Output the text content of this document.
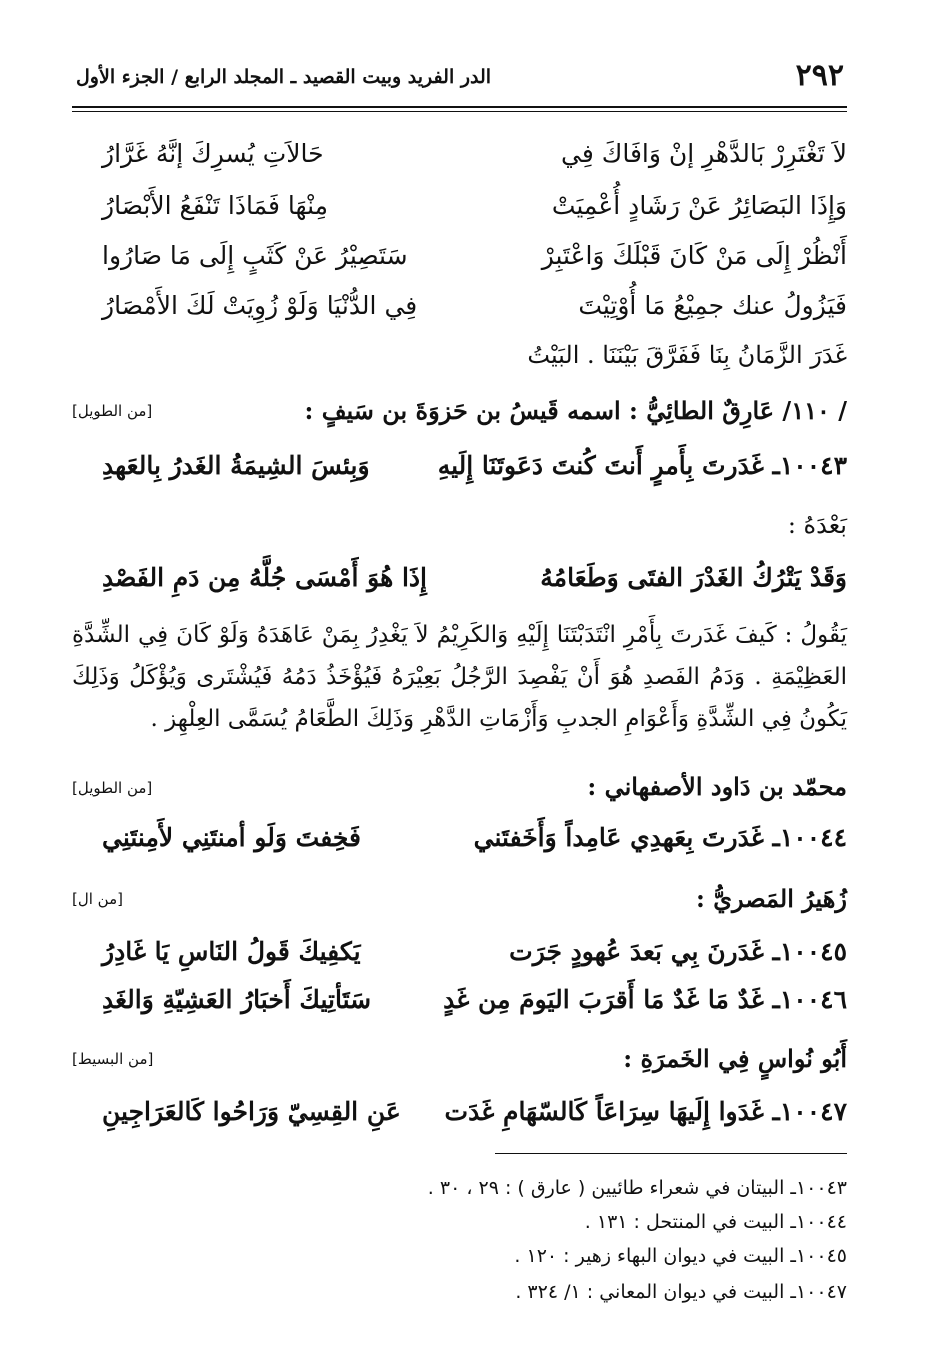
٢٩٢
الدر الفريد وبيت القصيد ـ المجلد الرابع / الجزء الأول
لاَ تَغْتَرِرْ بَالدَّهْرِ إنْ وَافَاكَ فِي
حَالاَتِ يُسرِكَ إنَّهُ غَرَّارُ
وَإِذَا البَصَائِرُ عَنْ رَشَادٍ أُعْمِيَتْ
مِنْهَا فَمَاذَا تَنْفَعُ الأَبْصَارُ
أَنْظُرْ إِلَى مَنْ كَانَ قَبْلَكَ وَاعْتَبِرْ
سَتَصِيْرُ عَنْ كَثَبٍ إِلَى مَا صَارُوا
فَيَزُولُ عنك جمِيْعُ مَا أُوْتِيْتَ
فِي الدُّنْيَا وَلَوْ زُوِيَتْ لَكَ الأَمْصَارُ
غَدَرَ الزَّمَانُ بِنَا فَفَرَّقَ بَيْنَنَا . البَيْتُ
/ ١١٠/ عَارِقٌ الطائِيُّ : اسمه قَيسُ بن حَزوَةَ بن سَيفٍ :
[من الطويل]
١٠٠٤٣ـ غَدَرتَ بِأَمرٍ أَنتَ كُنتَ دَعَوتَنَا إِلَيهِ
وَبِئسَ الشِيمَةُ الغَدرُ بِالعَهدِ
بَعْدَهُ :
وَقَدْ يَتْرُكُ الغَدْرَ الفتَى وَطَعَامُهُ
إِذَا هُوَ أَمْسَى جُلَّهُ مِن دَمِ الفَصْدِ
يَقُولُ : كَيفَ غَدَرتَ بِأَمْرِ انْتَدَبْتَنَا إِلَيْهِ وَالكَرِيْمُ لاَ يَغْدِرُ بِمَنْ عَاهَدَهُ وَلَوْ كَانَ فِي الشِّدَّةِ العَظِيْمَةِ . وَدَمُ الفَصدِ هُوَ أَنْ يَفْصِدَ الرَّجُلُ بَعِيْرَهُ فَيُؤْخَذُ دَمُهُ فَيُشْتَرى وَيُؤْكَلُ وَذَلِكَ يَكُونُ فِي الشِّدَّةِ وَأَعْوَامِ الجدبِ وَأَزْمَاتِ الدَّهْرِ وَذَلِكَ الطَّعَامُ يُسَمَّى العِلْهِز .
محمّد بن دَاود الأصفهاني :
[من الطويل]
١٠٠٤٤ـ غَدَرتَ بِعَهدِي عَامِداً وَأَخَفتَني
فَخِفتَ وَلَو أمنتَنِي لأَمِنتَنِي
زُهَيرُ المَصريُّ :
[من ال]
١٠٠٤٥ـ غَدَرنَ بِي بَعدَ عُهودٍ جَرَت
يَكفِيكَ قَولُ النَاسِ يَا غَادِرُ
١٠٠٤٦ـ غَدٌ مَا غَدٌ مَا أَقرَبَ اليَومَ مِن غَدٍ
سَتَأتِيكَ أَخبَارُ العَشِيّةِ وَالغَدِ
أَبُو نُواسٍ فِي الخَمرَةِ :
[من البسيط]
١٠٠٤٧ـ غَدَوا إِلَيهَا سِرَاعَاً كَالسّهَامِ غَدَت
عَنِ القِسِيّ وَرَاحُوا كَالعَرَاجِينِ
١٠٠٤٣ـ البيتان في شعراء طائيين ( عارق ) : ٢٩ ، ٣٠ .
١٠٠٤٤ـ البيت في المنتحل : ١٣١ .
١٠٠٤٥ـ البيت في ديوان البهاء زهير : ١٢٠ .
١٠٠٤٧ـ البيت في ديوان المعاني : ١/ ٣٢٤ .
